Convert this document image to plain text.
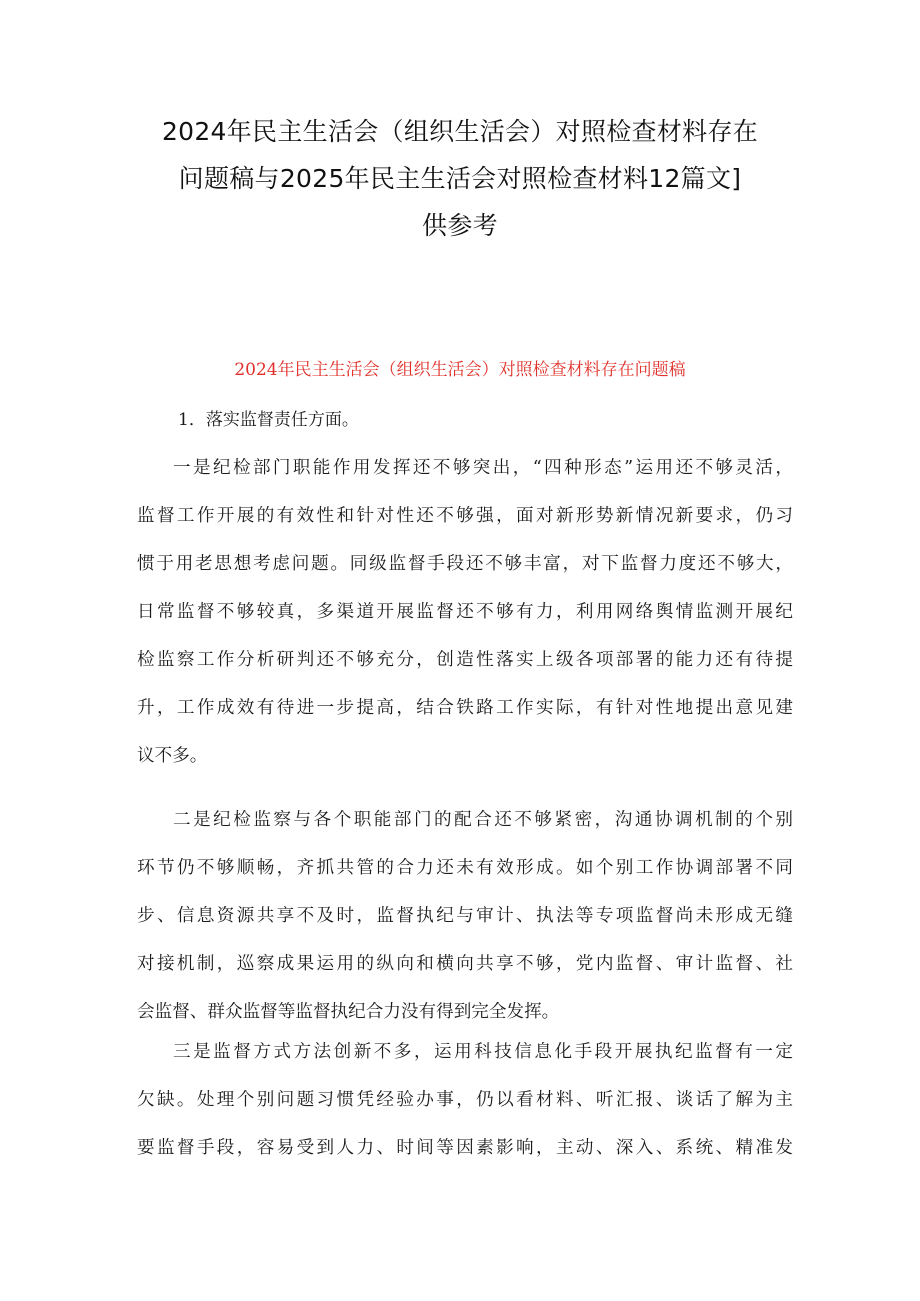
2024年民主生活会（组织生活会）对照检查材料存在
问题稿与2025年民主生活会对照检查材料12篇文]
供参考
2024年民主生活会（组织生活会）对照检查材料存在问题稿

1．落实监督责任方面。

一是纪检部门职能作用发挥还不够突出，“四种形态”运用还不够灵活，
监督工作开展的有效性和针对性还不够强，面对新形势新情况新要求，仍习
惯于用老思想考虑问题。同级监督手段还不够丰富，对下监督力度还不够大，
日常监督不够较真，多渠道开展监督还不够有力，利用网络舆情监测开展纪
检监察工作分析研判还不够充分，创造性落实上级各项部署的能力还有待提
升，工作成效有待进一步提高，结合铁路工作实际，有针对性地提出意见建
议不多。
二是纪检监察与各个职能部门的配合还不够紧密，沟通协调机制的个别
环节仍不够顺畅，齐抓共管的合力还未有效形成。如个别工作协调部署不同
步、信息资源共享不及时，监督执纪与审计、执法等专项监督尚未形成无缝
对接机制，巡察成果运用的纵向和横向共享不够，党内监督、审计监督、社
会监督、群众监督等监督执纪合力没有得到完全发挥。
三是监督方式方法创新不多，运用科技信息化手段开展执纪监督有一定
欠缺。处理个别问题习惯凭经验办事，仍以看材料、听汇报、谈话了解为主
要监督手段，容易受到人力、时间等因素影响，主动、深入、系统、精准发
